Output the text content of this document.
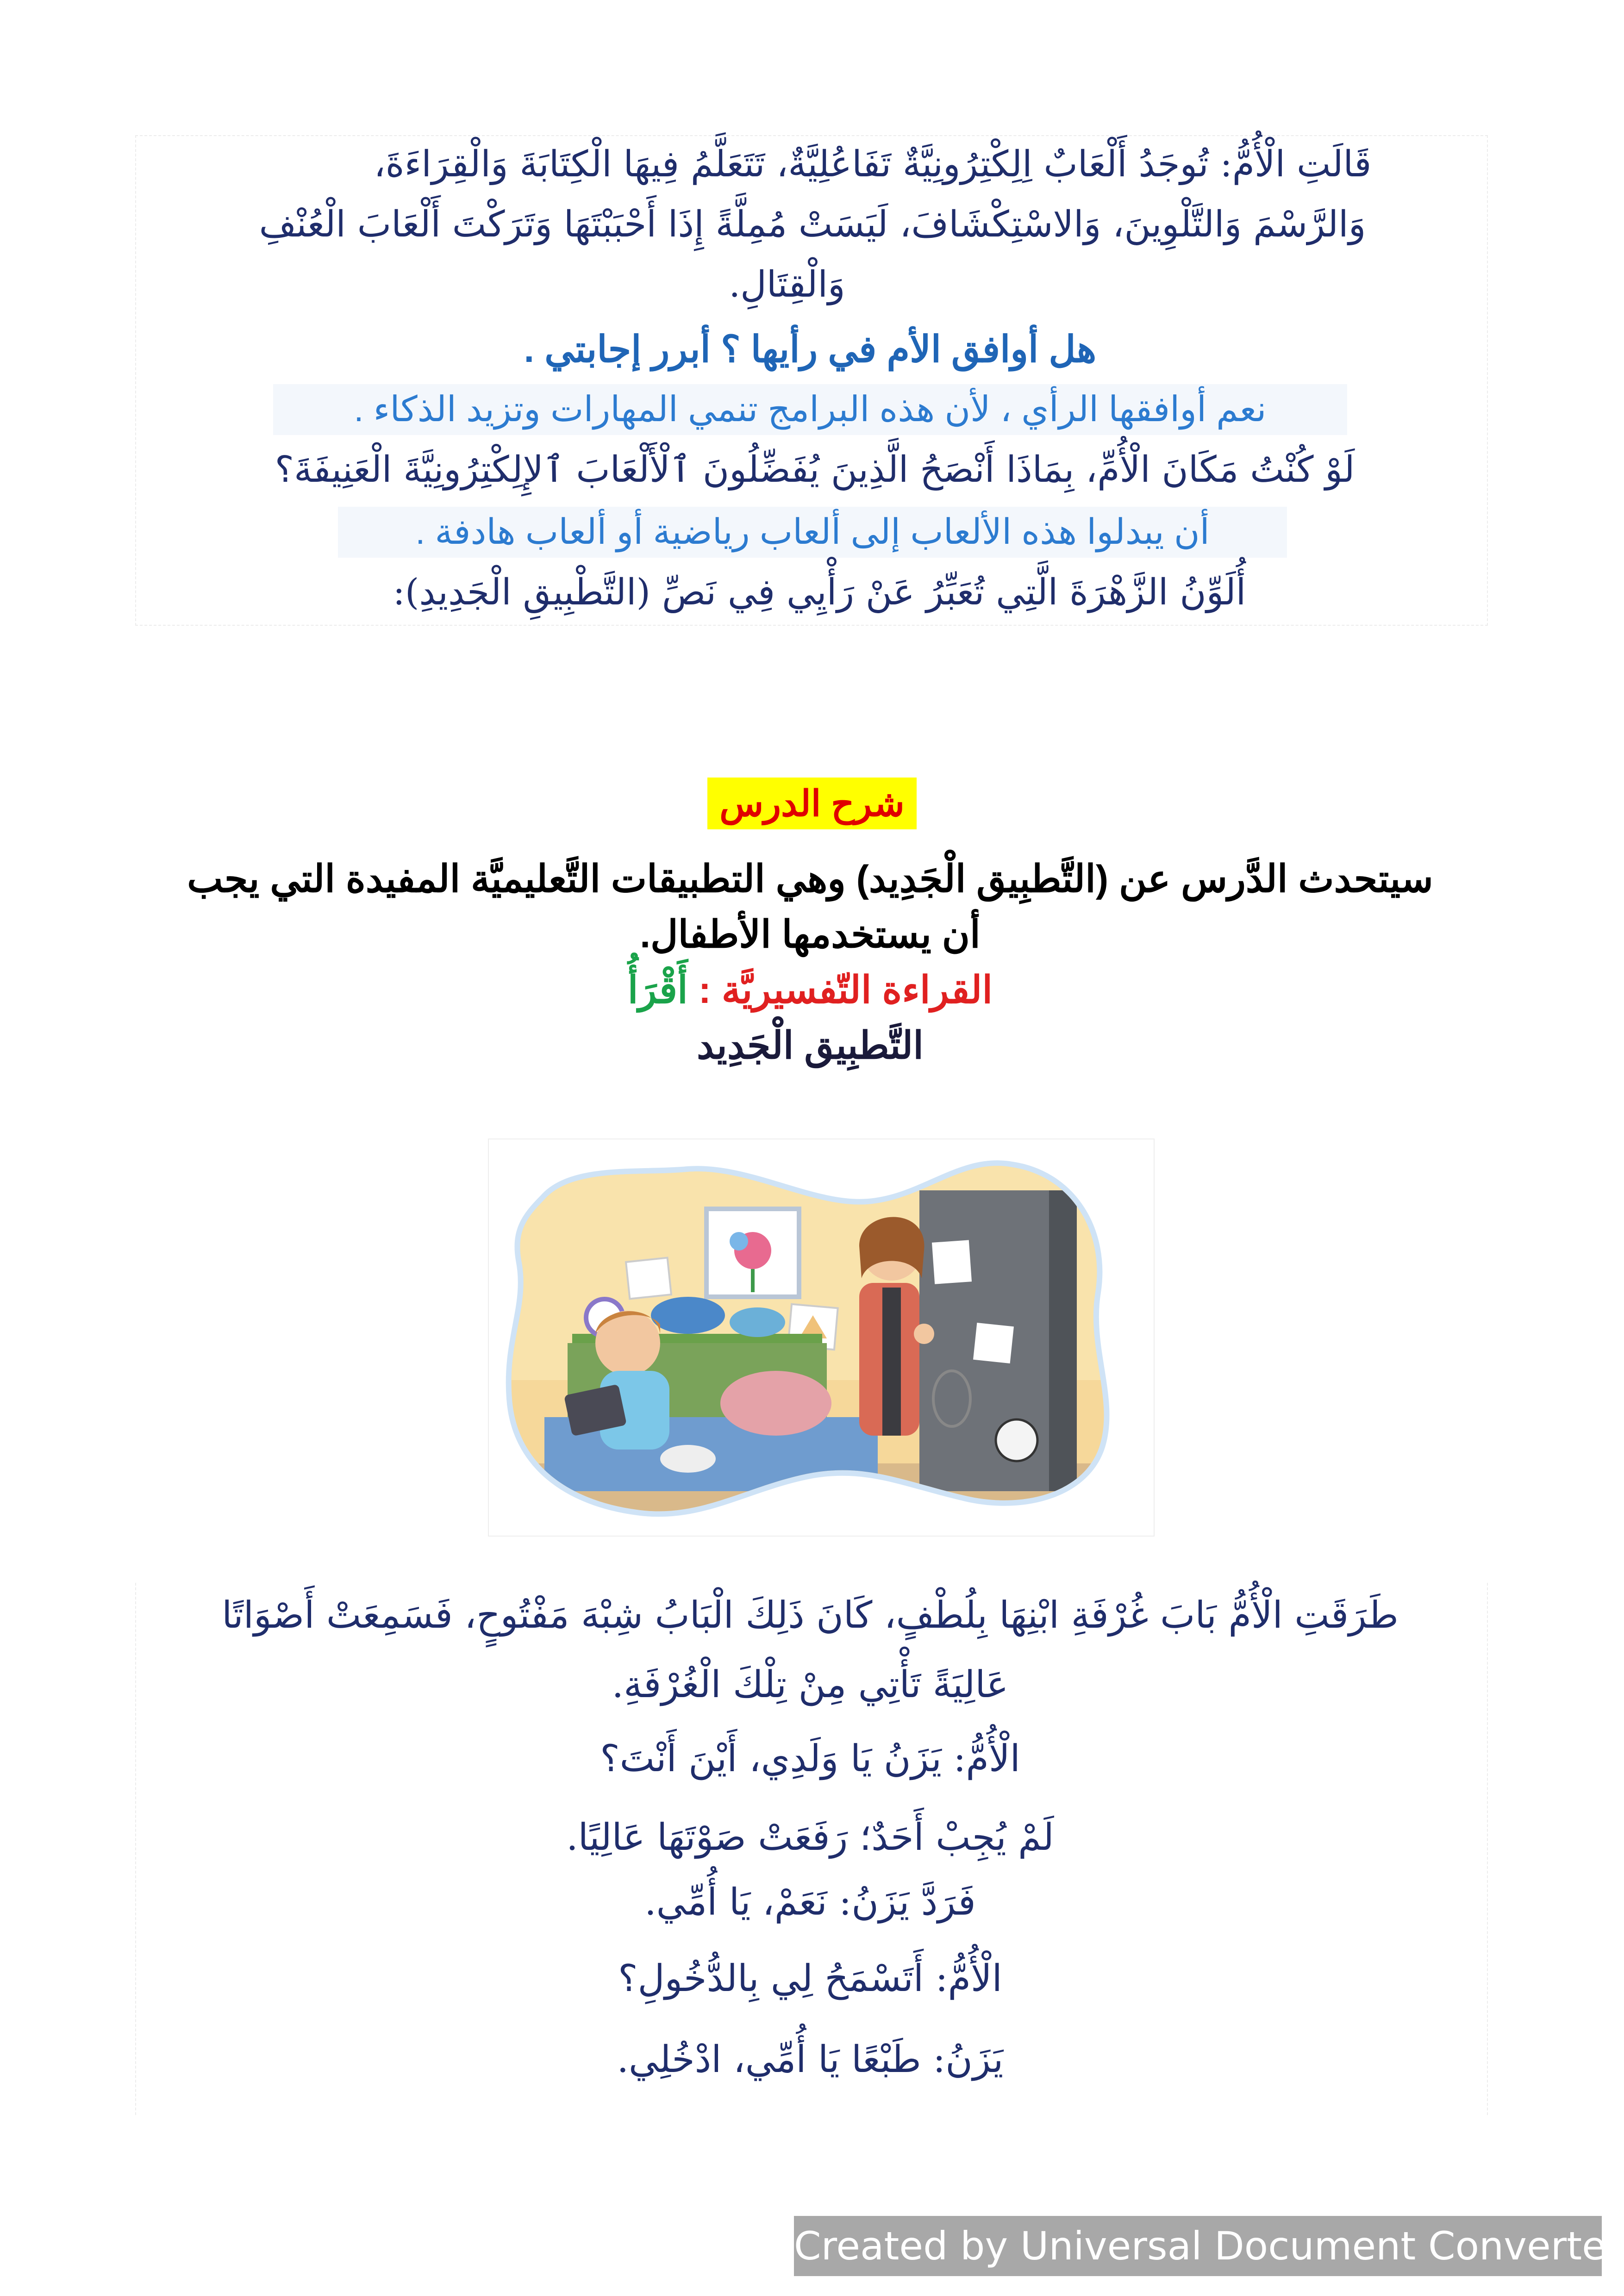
قَالَتِ الْأُمُّ: تُوجَدُ أَلْعَابٌ اِلِكْتِرُونِيَّةٌ تَفَاعُلِيَّةٌ، تَتَعَلَّمُ فِيهَا الْكِتَابَةَ وَالْقِرَاءَةَ،
وَالرَّسْمَ وَالتَّلْوِينَ، وَالاسْتِكْشَافَ، لَيَسَتْ مُمِلَّةً إِذَا أَحْبَبْتَهَا وَتَرَكْتَ أَلْعَابَ الْعُنْفِ
وَالْقِتَالِ.
هل أوافق الأم في رأيها ؟ أبرر إجابتي .
نعم أوافقها الرأي ، لأن هذه البرامج تنمي المهارات وتزيد الذكاء .
لَوْ كُنْتُ مَكَانَ الْأُمِّ، بِمَاذَا أَنْصَحُ الَّذِينَ يُفَضِّلُونَ ٱلْأَلْعَابَ ٱلإِلِكْتِرُونِيَّةَ الْعَنِيفَةَ؟
أن يبدلوا هذه الألعاب إلى ألعاب رياضية أو ألعاب هادفة .
أُلَوِّنُ الزَّهْرَةَ الَّتِي تُعَبِّرُ عَنْ رَأْيِي فِي نَصِّ (التَّطْبِيقِ الْجَدِيدِ):
شرح الدرس
سيتحدث الدَّرس عن (التَّطبِيق الْجَدِيد) وهي التطبيقات التَّعليميَّة المفيدة التي يجب
أن يستخدمها الأطفال.
القراءة التّفسيريَّة : أَقْرَأُ
التَّطبِيق الْجَدِيد
طَرَقَتِ الْأُمُّ بَابَ غُرْفَةِ ابْنِهَا بِلُطْفٍ، كَانَ ذَلِكَ الْبَابُ شِبْهَ مَفْتُوحٍ، فَسَمِعَتْ أَصْوَاتًا
عَالِيَةً تَأْتِي مِنْ تِلْكَ الْغُرْفَةِ.
الْأُمُّ: يَزَنُ يَا وَلَدِي، أَيْنَ أَنْتَ؟
لَمْ يُجِبْ أَحَدٌ؛ رَفَعَتْ صَوْتَهَا عَالِيًا.
فَرَدَّ يَزَنُ: نَعَمْ، يَا أُمِّي.
الْأُمُّ: أَتَسْمَحُ لِي بِالدُّخُولِ؟
يَزَنُ: طَبْعًا يَا أُمِّي، ادْخُلِي.
Created by Universal Document Converter
